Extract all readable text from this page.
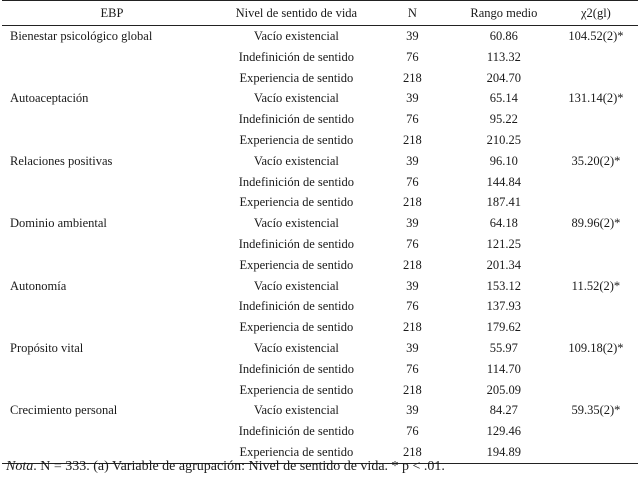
EBP	Nivel de sentido de vida	N	Rango medio	χ2(gl)
Bienestar psicológico global	Vacío existencial	39	60.86	104.52(2)*
	Indefinición de sentido	76	113.32	
	Experiencia de sentido	218	204.70	
Autoaceptación	Vacío existencial	39	65.14	131.14(2)*
	Indefinición de sentido	76	95.22	
	Experiencia de sentido	218	210.25	
Relaciones positivas	Vacío existencial	39	96.10	35.20(2)*
	Indefinición de sentido	76	144.84	
	Experiencia de sentido	218	187.41	
Dominio ambiental	Vacío existencial	39	64.18	89.96(2)*
	Indefinición de sentido	76	121.25	
	Experiencia de sentido	218	201.34	
Autonomía	Vacío existencial	39	153.12	11.52(2)*
	Indefinición de sentido	76	137.93	
	Experiencia de sentido	218	179.62	
Propósito vital	Vacío existencial	39	55.97	109.18(2)*
	Indefinición de sentido	76	114.70	
	Experiencia de sentido	218	205.09	
Crecimiento personal	Vacío existencial	39	84.27	59.35(2)*
	Indefinición de sentido	76	129.46	
	Experiencia de sentido	218	194.89	
Nota. N = 333. (a) Variable de agrupación: Nivel de sentido de vida. * p < .01.
